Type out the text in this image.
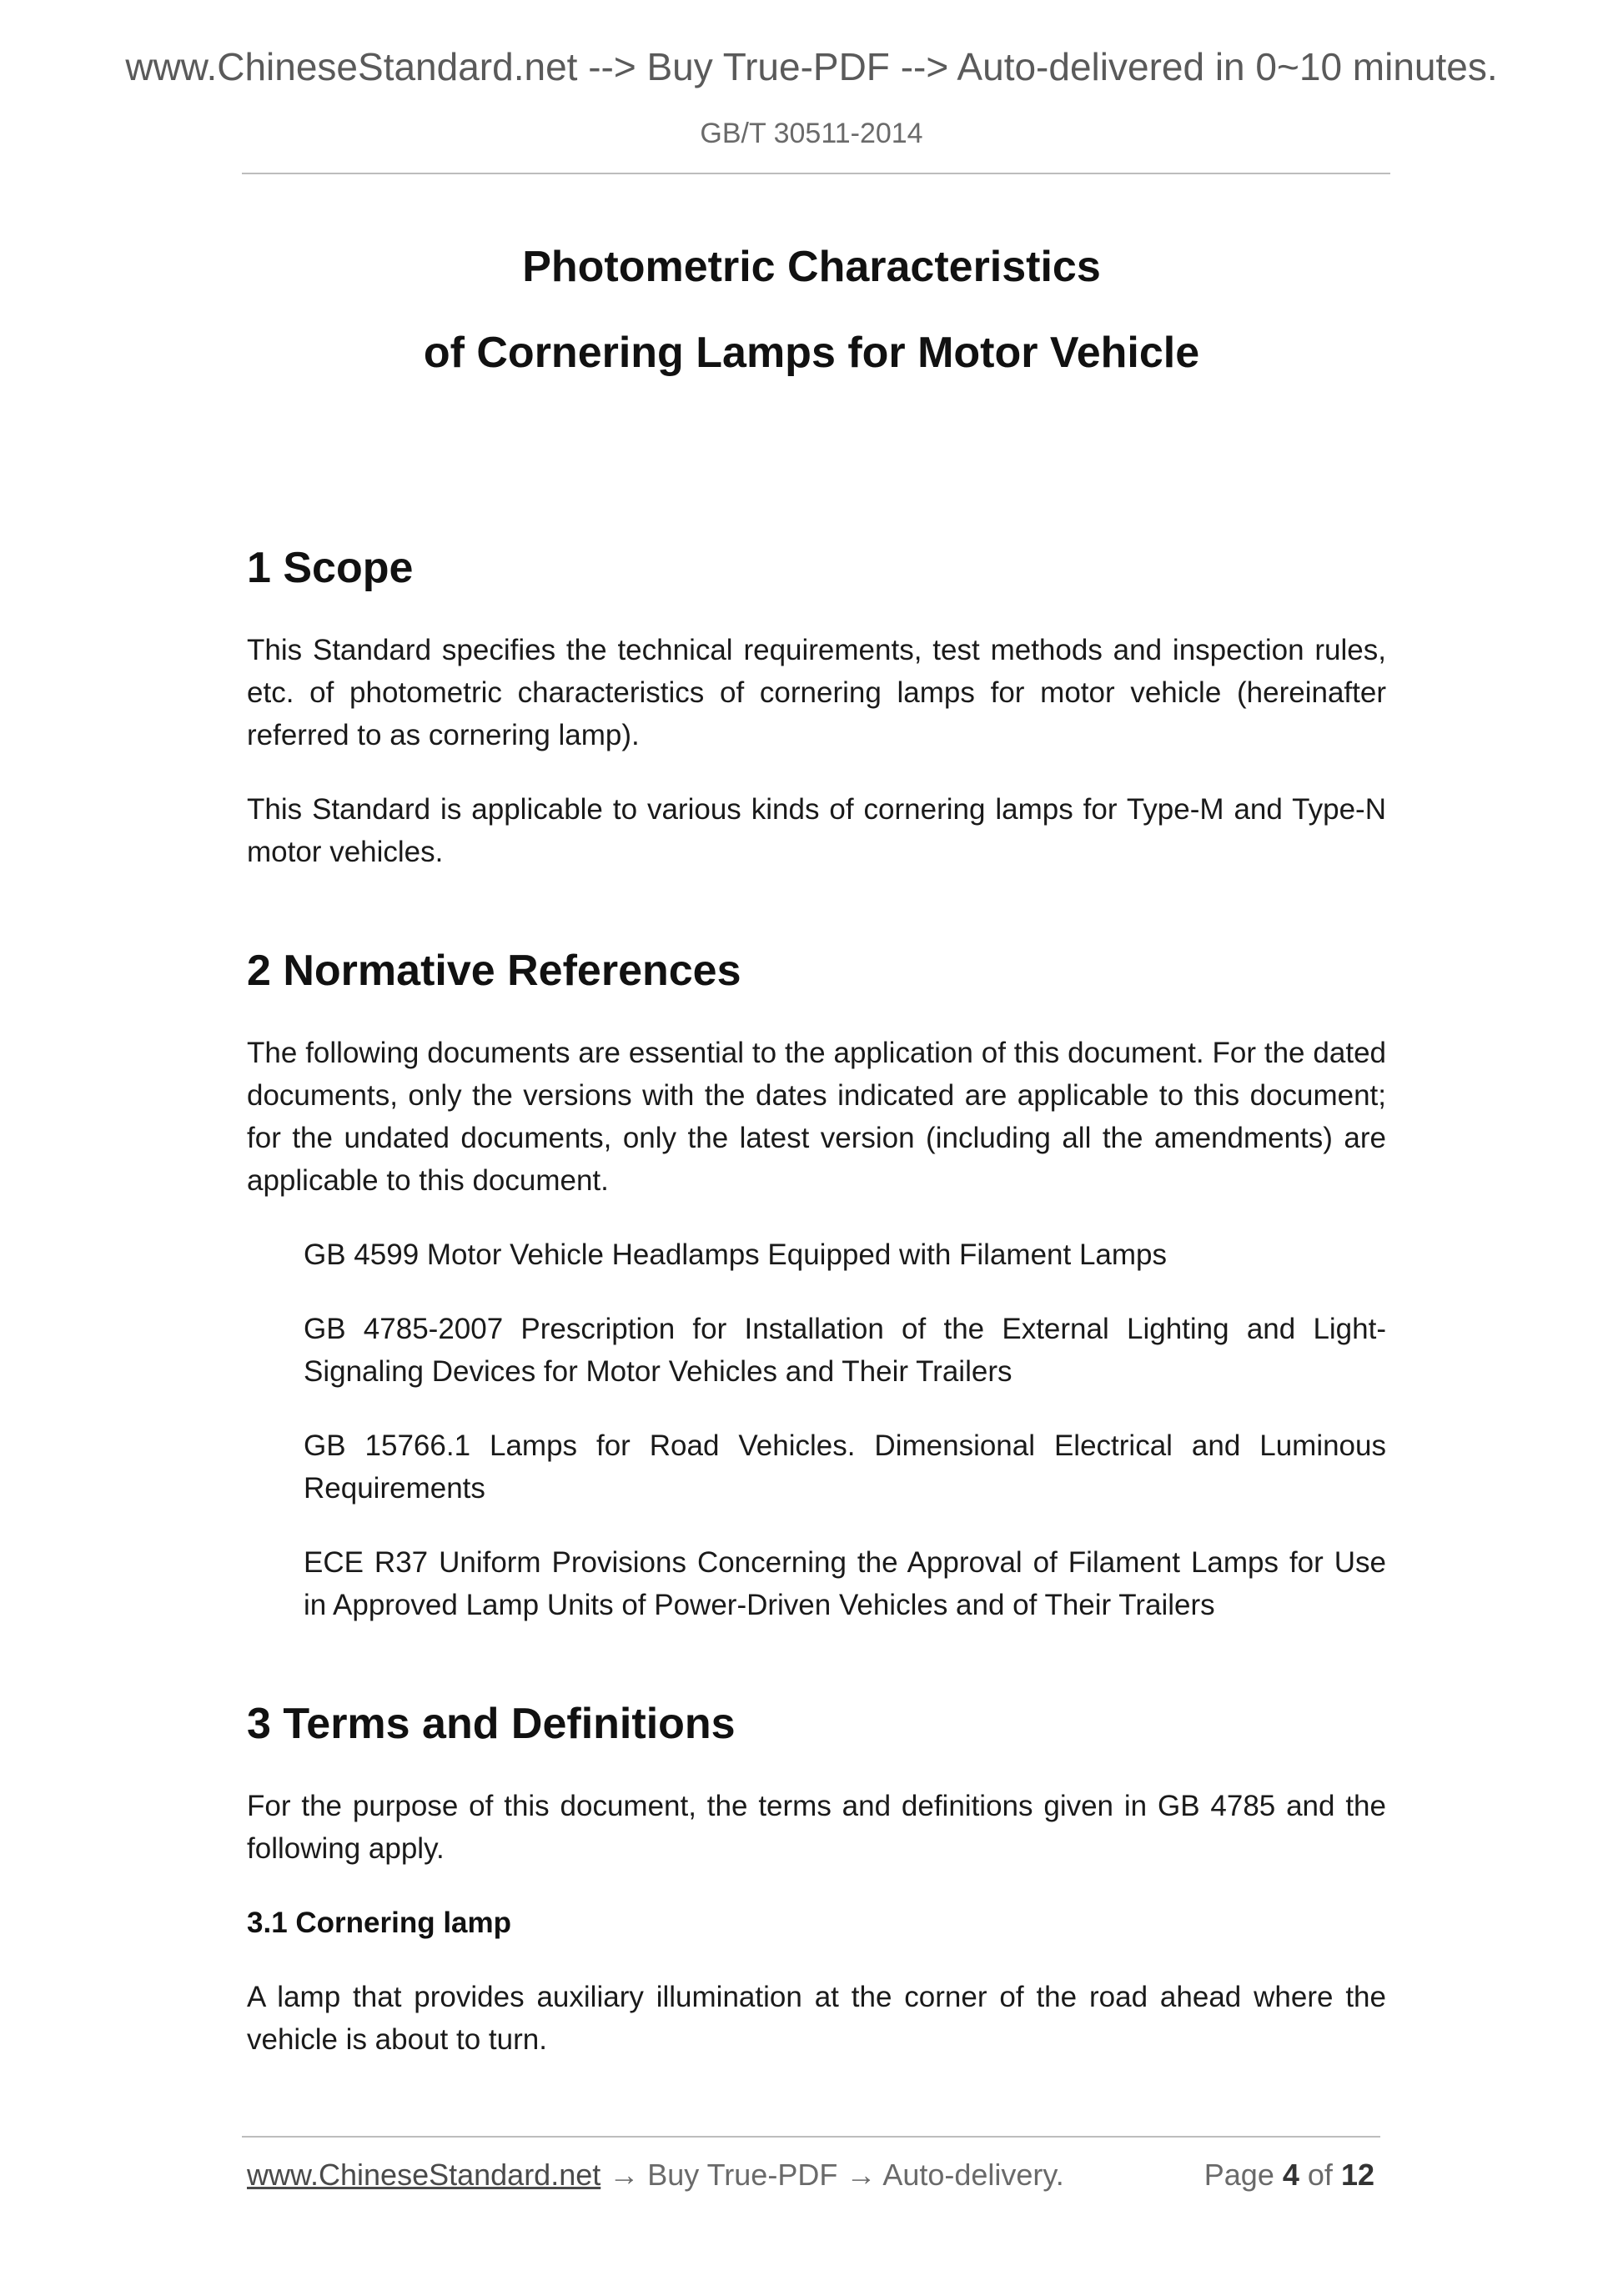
www.ChineseStandard.net --> Buy True-PDF --> Auto-delivered in 0~10 minutes.
GB/T 30511-2014
Photometric Characteristics
of Cornering Lamps for Motor Vehicle
1 Scope

This Standard specifies the technical requirements, test methods and inspection rules, etc. of photometric characteristics of cornering lamps for motor vehicle (hereinafter referred to as cornering lamp).

This Standard is applicable to various kinds of cornering lamps for Type-M and Type-N motor vehicles.

2 Normative References

The following documents are essential to the application of this document. For the dated documents, only the versions with the dates indicated are applicable to this document; for the undated documents, only the latest version (including all the amendments) are applicable to this document.

GB 4599 Motor Vehicle Headlamps Equipped with Filament Lamps

GB 4785-2007 Prescription for Installation of the External Lighting and Light-Signaling Devices for Motor Vehicles and Their Trailers

GB 15766.1 Lamps for Road Vehicles. Dimensional Electrical and Luminous Requirements

ECE R37 Uniform Provisions Concerning the Approval of Filament Lamps for Use in Approved Lamp Units of Power-Driven Vehicles and of Their Trailers

3 Terms and Definitions

For the purpose of this document, the terms and definitions given in GB 4785 and the following apply.

3.1 Cornering lamp

A lamp that provides auxiliary illumination at the corner of the road ahead where the vehicle is about to turn.

www.ChineseStandard.net → Buy True-PDF → Auto-delivery.	Page 4 of 12
